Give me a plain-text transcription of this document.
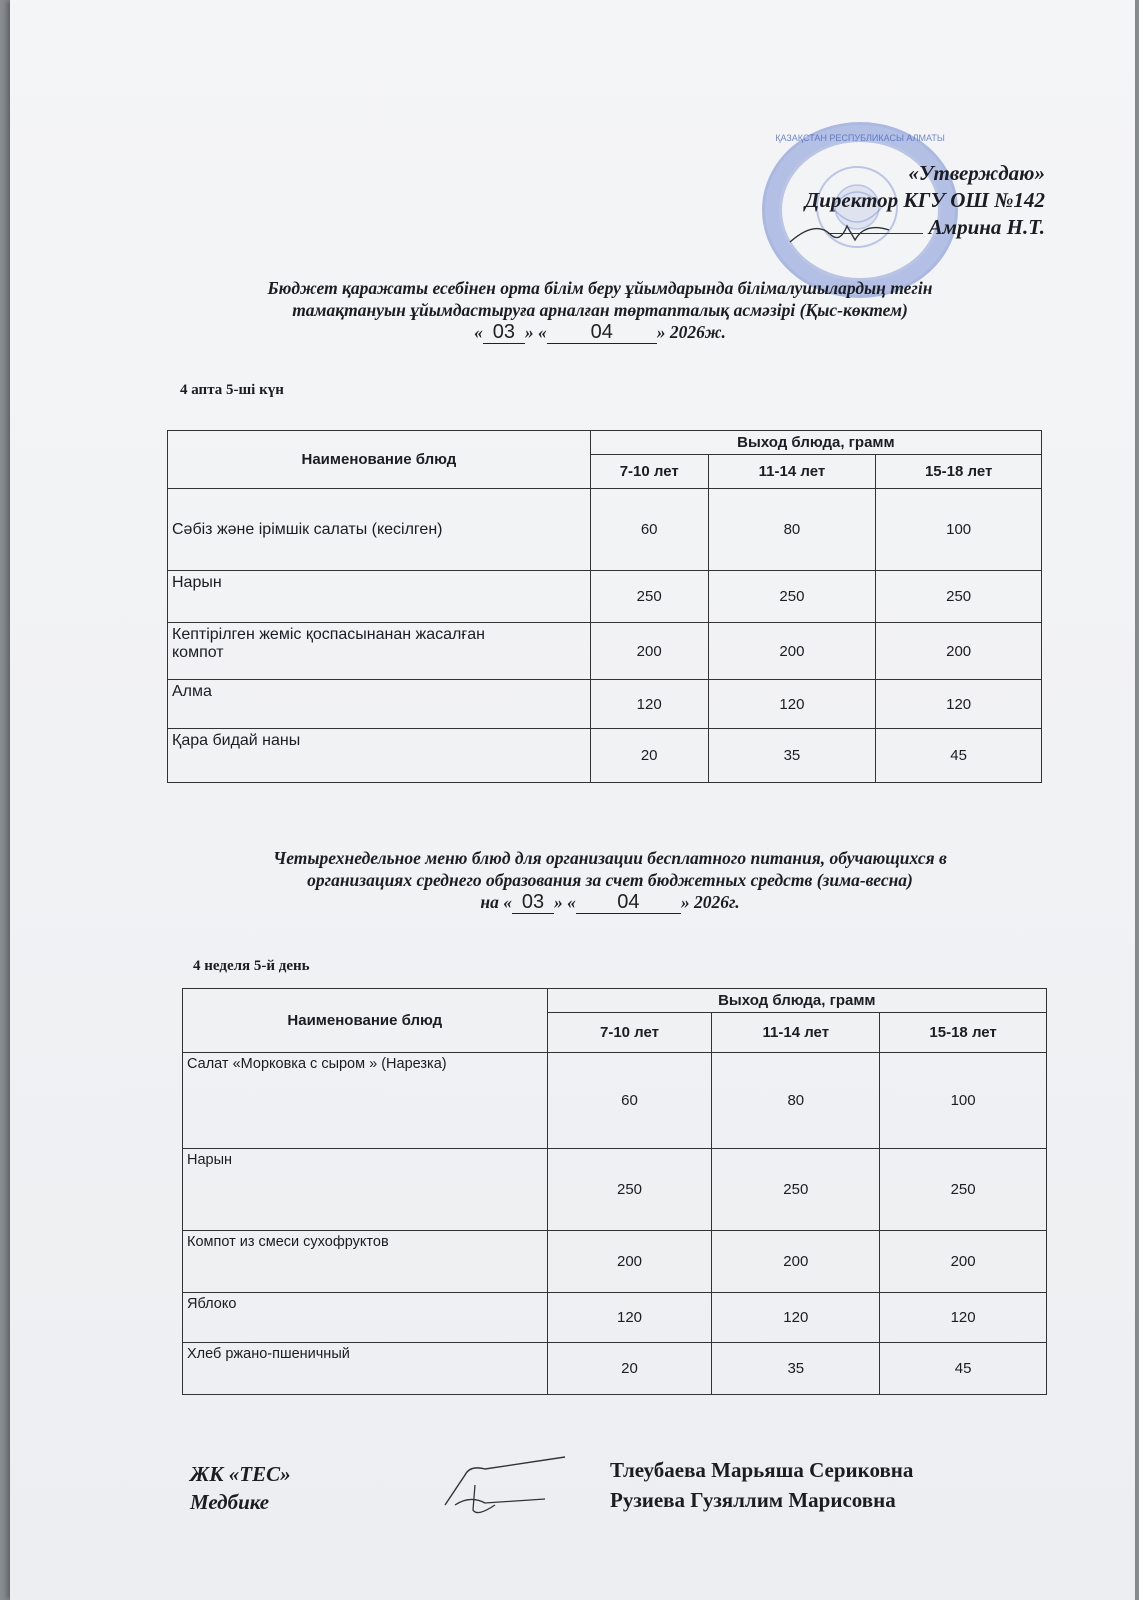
ҚАЗАҚСТАН РЕСПУБЛИКАСЫ АЛМАТЫ
«Утверждаю»
Директор КГУ ОШ №142
Амрина Н.Т.
Бюджет қаражаты есебінен орта білім беру ұйымдарында білімалушылардың тегін
тамақтануын ұйымдастыруға арналған төртапталық асмәзірі (Қыс-көктем)
« 03 » « 04	» 2026ж.
4 апта 5-ші күн
Наименование блюд	Выход блюда, грамм		
	7-10 лет	11-14 лет	15-18 лет
Сәбіз және ірімшік салаты (кесілген)	60	80	100
Нарын	250	250	250

Кептірілген жеміс қоспасынанан жасалған компот	200	200	200
Алма	120	120	120
Қара бидай наны	20	35	45
Четырехнедельное меню блюд для организации бесплатного питания, обучающихся в
организациях среднего образования за счет бюджетных средств (зима-весна)
на « 03 » « 04 » 2026г.
4 неделя 5-й день
Наименование блюд	Выход блюда, грамм		
	7-10 лет	11-14 лет	15-18 лет
Салат «Морковка с сыром » (Нарезка)	60	80	100
Нарын	250	250	250
Компот из смеси сухофруктов	200	200	200
Яблоко	120	120	120
Хлеб ржано-пшеничный	20	35	45
ЖК «ТЕС»
Медбике
Тлеубаева Марьяша Сериковна
Рузиева Гузяллим Марисовна
